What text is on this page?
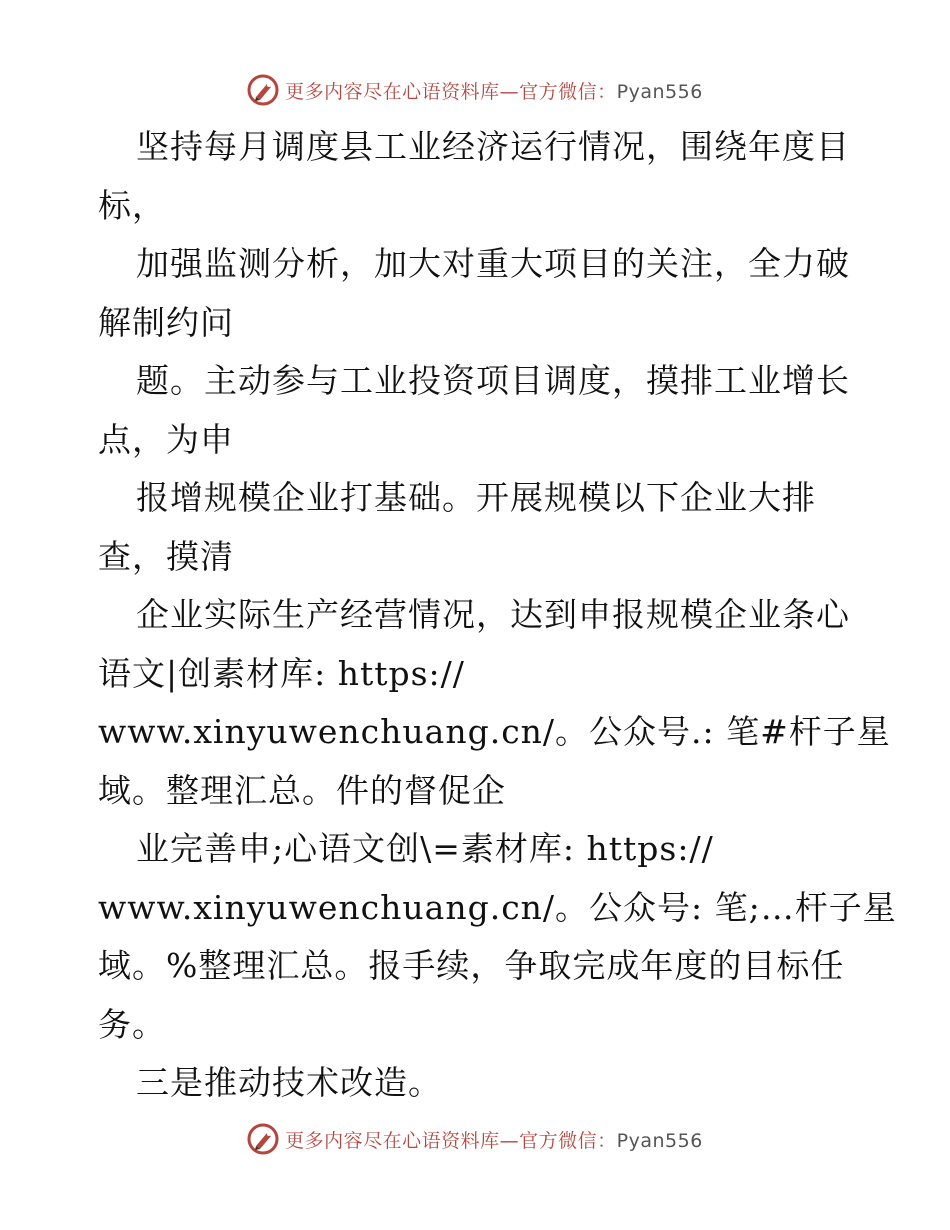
更多内容尽在心语资料库—官方微信：Pyan556
坚持每月调度县工业经济运行情况，围绕年度目
标，
加强监测分析，加大对重大项目的关注，全力破
解制约问
题。主动参与工业投资项目调度，摸排工业增长
点，为申
报增规模企业打基础。开展规模以下企业大排
查，摸清
企业实际生产经营情况，达到申报规模企业条心
语文|创素材库: https://
www.xinyuwenchuang.cn/。公众号.: 笔#杆子星
域。整理汇总。件的督促企
业完善申;心语文创\=素材库: https://
www.xinyuwenchuang.cn/。公众号: 笔;…杆子星
域。%整理汇总。报手续，争取完成年度的目标任
务。
三是推动技术改造。
更多内容尽在心语资料库—官方微信：Pyan556
